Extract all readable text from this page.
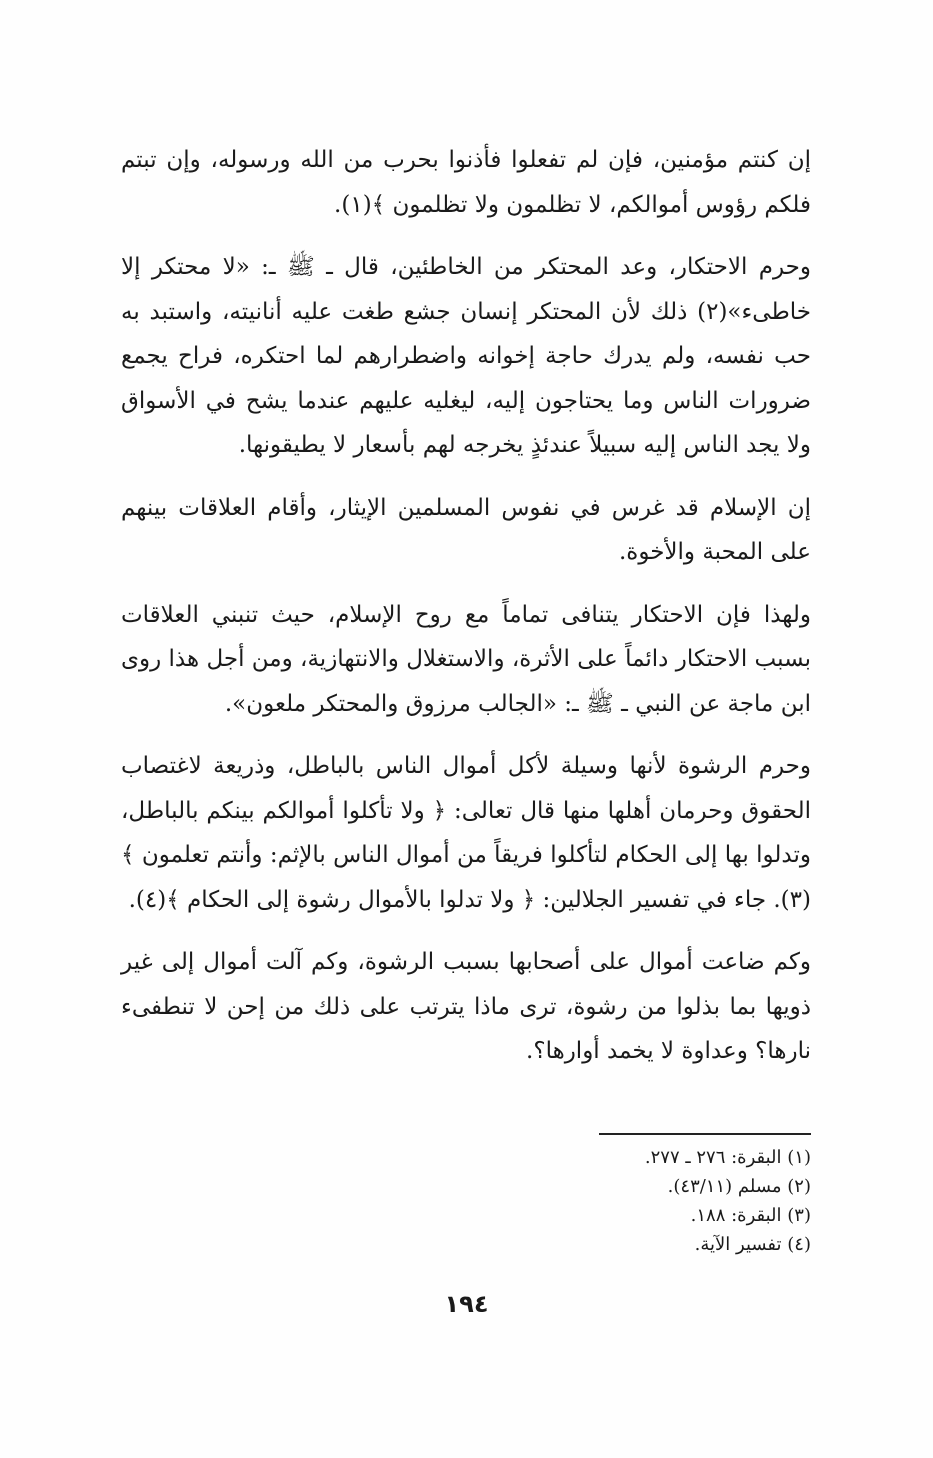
إن كنتم مؤمنين، فإن لم تفعلوا فأذنوا بحرب من الله ورسوله، وإن تبتم فلكم رؤوس أموالكم، لا تظلمون ولا تظلمون ﴾(١).

وحرم الاحتكار، وعد المحتكر من الخاطئين، قال ـ ﷺ ـ: «لا محتكر إلا خاطىء»(٢) ذلك لأن المحتكر إنسان جشع طغت عليه أنانيته، واستبد به حب نفسه، ولم يدرك حاجة إخوانه واضطرارهم لما احتكره، فراح يجمع ضرورات الناس وما يحتاجون إليه، ليغليه عليهم عندما يشح في الأسواق ولا يجد الناس إليه سبيلاً عندئذٍ يخرجه لهم بأسعار لا يطيقونها.

إن الإسلام قد غرس في نفوس المسلمين الإيثار، وأقام العلاقات بينهم على المحبة والأخوة.

ولهذا فإن الاحتكار يتنافى تماماً مع روح الإسلام، حيث تنبني العلاقات بسبب الاحتكار دائماً على الأثرة، والاستغلال والانتهازية، ومن أجل هذا روى ابن ماجة عن النبي ـ ﷺ ـ: «الجالب مرزوق والمحتكر ملعون».

وحرم الرشوة لأنها وسيلة لأكل أموال الناس بالباطل، وذريعة لاغتصاب الحقوق وحرمان أهلها منها قال تعالى: ﴿ ولا تأكلوا أموالكم بينكم بالباطل، وتدلوا بها إلى الحكام لتأكلوا فريقاً من أموال الناس بالإثم: وأنتم تعلمون ﴾(٣). جاء في تفسير الجلالين: ﴿ ولا تدلوا بالأموال رشوة إلى الحكام ﴾(٤).

وكم ضاعت أموال على أصحابها بسبب الرشوة، وكم آلت أموال إلى غير ذويها بما بذلوا من رشوة، ترى ماذا يترتب على ذلك من إحن لا تنطفىء نارها؟ وعداوة لا يخمد أوارها؟.

(١) البقرة: ٢٧٦ ـ ٢٧٧.
(٢) مسلم (٤٣/١١).
(٣) البقرة: ١٨٨.
(٤) تفسير الآية.
١٩٤
